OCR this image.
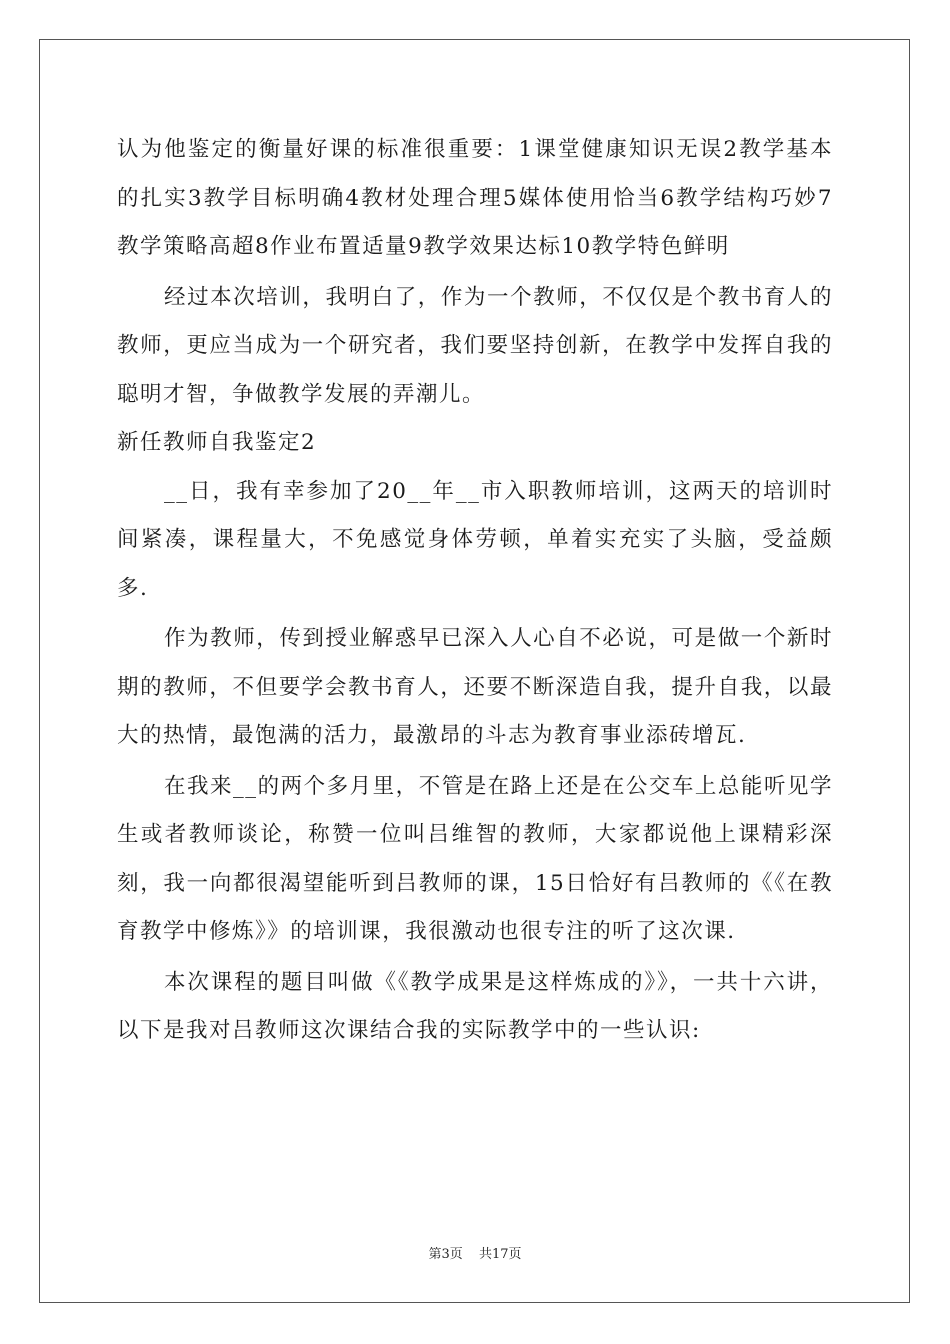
认为他鉴定的衡量好课的标准很重要：1课堂健康知识无误2教学基本的扎实3教学目标明确4教材处理合理5媒体使用恰当6教学结构巧妙7教学策略高超8作业布置适量9教学效果达标10教学特色鲜明

经过本次培训，我明白了，作为一个教师，不仅仅是个教书育人的教师，更应当成为一个研究者，我们要坚持创新，在教学中发挥自我的聪明才智，争做教学发展的弄潮儿。

新任教师自我鉴定2

__日，我有幸参加了20__年__市入职教师培训，这两天的培训时间紧凑，课程量大，不免感觉身体劳顿，单着实充实了头脑，受益颇多.

作为教师，传到授业解惑早已深入人心自不必说，可是做一个新时期的教师，不但要学会教书育人，还要不断深造自我，提升自我，以最大的热情，最饱满的活力，最激昂的斗志为教育事业添砖增瓦.

在我来__的两个多月里，不管是在路上还是在公交车上总能听见学生或者教师谈论，称赞一位叫吕维智的教师，大家都说他上课精彩深刻，我一向都很渴望能听到吕教师的课，15日恰好有吕教师的《《在教育教学中修炼》》的培训课，我很激动也很专注的听了这次课.

本次课程的题目叫做《《教学成果是这样炼成的》》，一共十六讲，以下是我对吕教师这次课结合我的实际教学中的一些认识:

第3页 共17页
